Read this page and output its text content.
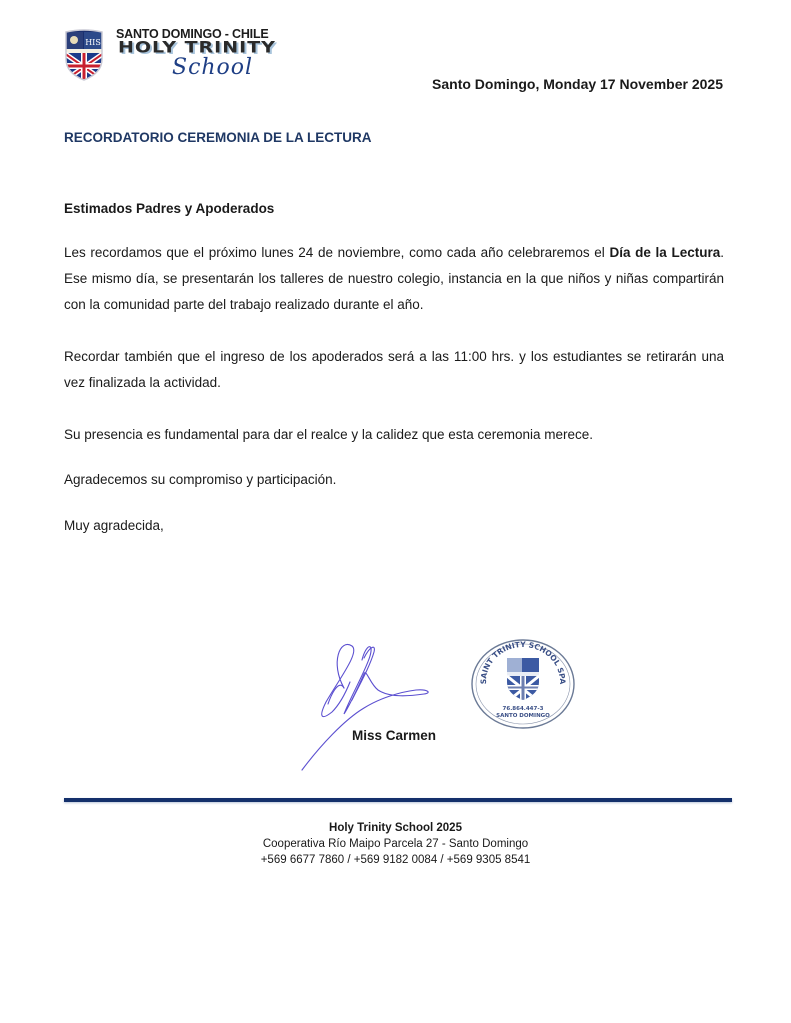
HIS
SANTO DOMINGO - CHILE
HOLY TRINITY
School
Santo Domingo, Monday 17 November 2025
RECORDATORIO CEREMONIA DE LA LECTURA
Estimados Padres y Apoderados
Les recordamos que el próximo lunes 24 de noviembre, como cada año celebraremos el Día de la Lectura. Ese mismo día, se presentarán los talleres de nuestro colegio, instancia en la que niños y niñas compartirán con la comunidad parte del trabajo realizado durante el año.
Recordar también que el ingreso de los apoderados será a las 11:00 hrs. y los estudiantes se retirarán una vez finalizada la actividad.
Su presencia es fundamental para dar el realce y la calidez que esta ceremonia merece.
Agradecemos su compromiso y participación.
Muy agradecida,
Miss Carmen
SAINT TRINITY SCHOOL SPA
76.864.447-3
SANTO DOMINGO
Holy Trinity School 2025
Cooperativa Río Maipo Parcela 27 - Santo Domingo
+569 6677 7860 / +569 9182 0084 / +569 9305 8541
